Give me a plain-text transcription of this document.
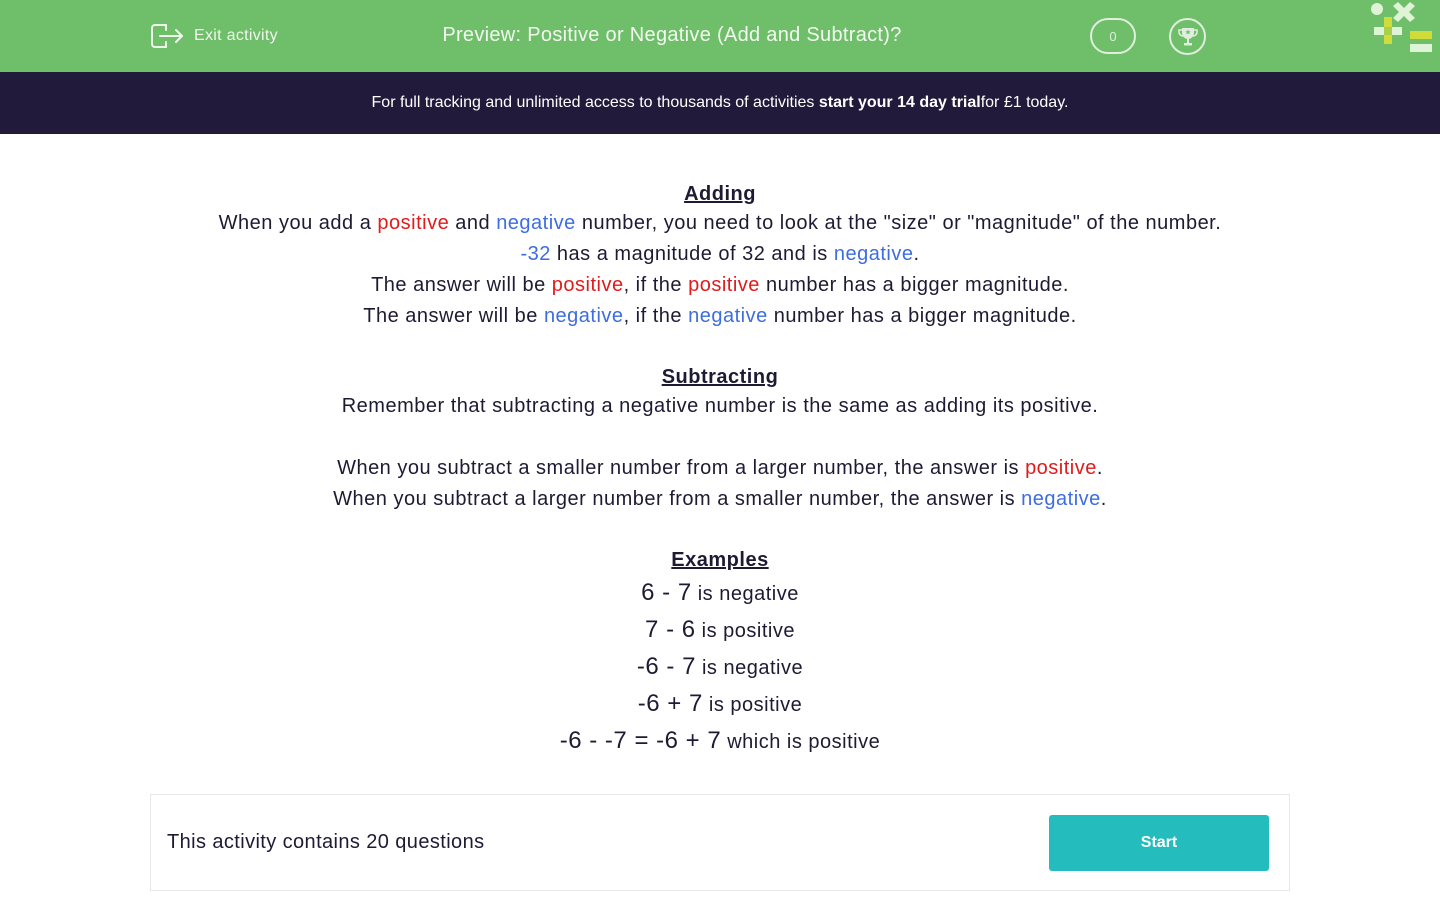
Exit activity	Preview: Positive or Negative (Add and Subtract)?	0
For full tracking and unlimited access to thousands of activities
start your 14 day trial for £1 today.
Adding
When you add a positive and negative number, you need to look at the "size" or "magnitude" of the number.
-32 has a magnitude of 32 and is negative.
The answer will be positive, if the positive number has a bigger magnitude.
The answer will be negative, if the negative number has a bigger magnitude.
Subtracting
Remember that subtracting a negative number is the same as adding its positive.
When you subtract a smaller number from a larger number, the answer is positive.
When you subtract a larger number from a smaller number, the answer is negative.
Examples
6 - 7 is negative
7 - 6 is positive
-6 - 7 is negative
-6 + 7 is positive
-6 - -7 = -6 + 7 which is positive
This activity contains 20 questions	Start
